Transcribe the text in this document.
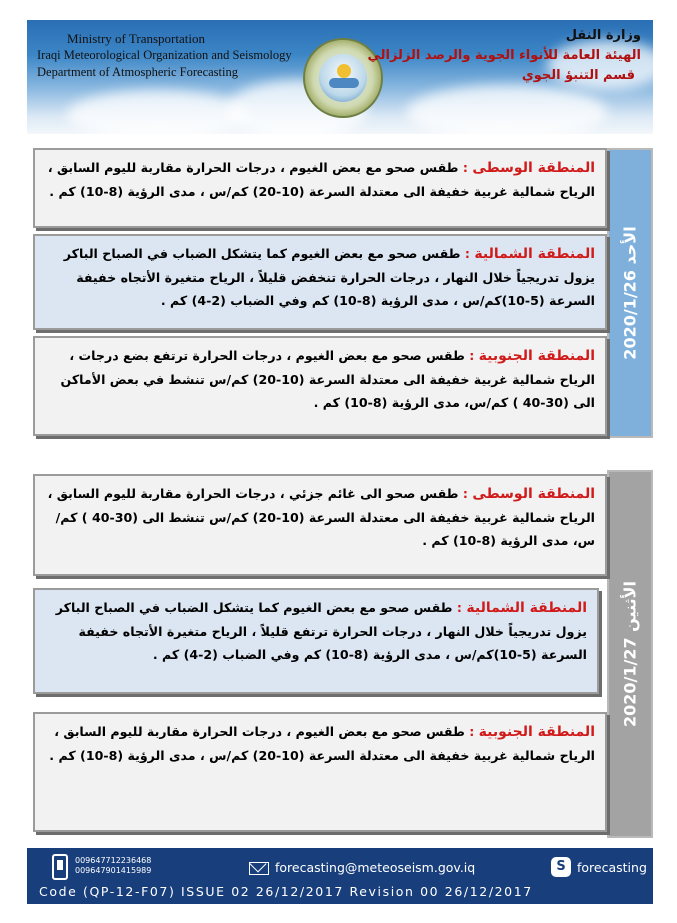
Ministry of Transportation
Iraqi Meteorological Organization and Seismology
Department of Atmospheric Forecasting
وزارة النقل
الهيئة العامة للأنواء الجوية والرصد الزلزالي
قسم التنبؤ الجوي
الأحد 2020/1/26
المنطقة الوسطى : طقس صحو مع بعض الغيوم ، درجات الحرارة مقاربة لليوم السابق ، الرياح شمالية غربية خفيفة الى معتدلة السرعة (10-20) كم/س ، مدى الرؤية (8-10) كم .
المنطقة الشمالية : طقس صحو مع بعض الغيوم كما يتشكل الضباب في الصباح الباكر يزول تدريجياً خلال النهار ، درجات الحرارة تنخفض قليلاً ، الرياح متغيرة الأتجاه خفيفة السرعة (5-10)كم/س ، مدى الرؤية (8-10) كم وفي الضباب (2-4) كم .
المنطقة الجنوبية : طقس صحو مع بعض الغيوم ، درجات الحرارة ترتفع بضع درجات ، الرياح شمالية غربية خفيفة الى معتدلة السرعة (10-20) كم/س تنشط في بعض الأماكن الى (30-40 ) كم/س، مدى الرؤية (8-10) كم .
الأثنين 2020/1/27
المنطقة الوسطى : طقس صحو الى غائم جزئي ، درجات الحرارة مقاربة لليوم السابق ، الرياح شمالية غربية خفيفة الى معتدلة السرعة (10-20) كم/س تنشط الى (30-40 ) كم/س، مدى الرؤية (8-10) كم .
المنطقة الشمالية : طقس صحو مع بعض الغيوم كما يتشكل الضباب في الصباح الباكر يزول تدريجياً خلال النهار ، درجات الحرارة ترتفع قليلاً ، الرياح متغيرة الأتجاه خفيفة السرعة (5-10)كم/س ، مدى الرؤية (8-10) كم وفي الضباب (2-4) كم .
المنطقة الجنوبية : طقس صحو مع بعض الغيوم ، درجات الحرارة مقاربة لليوم السابق ، الرياح شمالية غربية خفيفة الى معتدلة السرعة (10-20) كم/س ، مدى الرؤية (8-10) كم .
009647712236468
009647901415989	forecasting@meteoseism.gov.iq	S forecasting
Code (QP-12-F07) ISSUE 02 26/12/2017 Revision 00 26/12/2017
